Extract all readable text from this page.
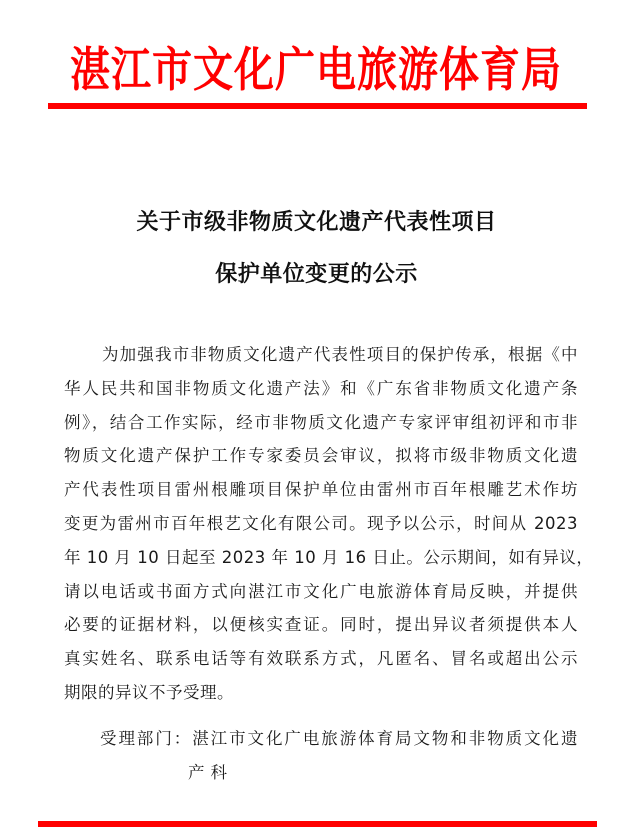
湛江市文化广电旅游体育局
关于市级非物质文化遗产代表性项目
保护单位变更的公示
为加强我市非物质文化遗产代表性项目的保护传承，根据《中
华人民共和国非物质文化遗产法》和《广东省非物质文化遗产条
例》，结合工作实际，经市非物质文化遗产专家评审组初评和市非
物质文化遗产保护工作专家委员会审议，拟将市级非物质文化遗
产代表性项目雷州根雕项目保护单位由雷州市百年根雕艺术作坊
变更为雷州市百年根艺文化有限公司。现予以公示，时间从 2023
年 10 月 10 日起至 2023 年 10 月 16 日止。公示期间，如有异议，
请以电话或书面方式向湛江市文化广电旅游体育局反映，并提供
必要的证据材料，以便核实查证。同时，提出异议者须提供本人
真实姓名、联系电话等有效联系方式，凡匿名、冒名或超出公示
期限的异议不予受理。
受理部门：湛江市文化广电旅游体育局文物和非物质文化遗
产科
